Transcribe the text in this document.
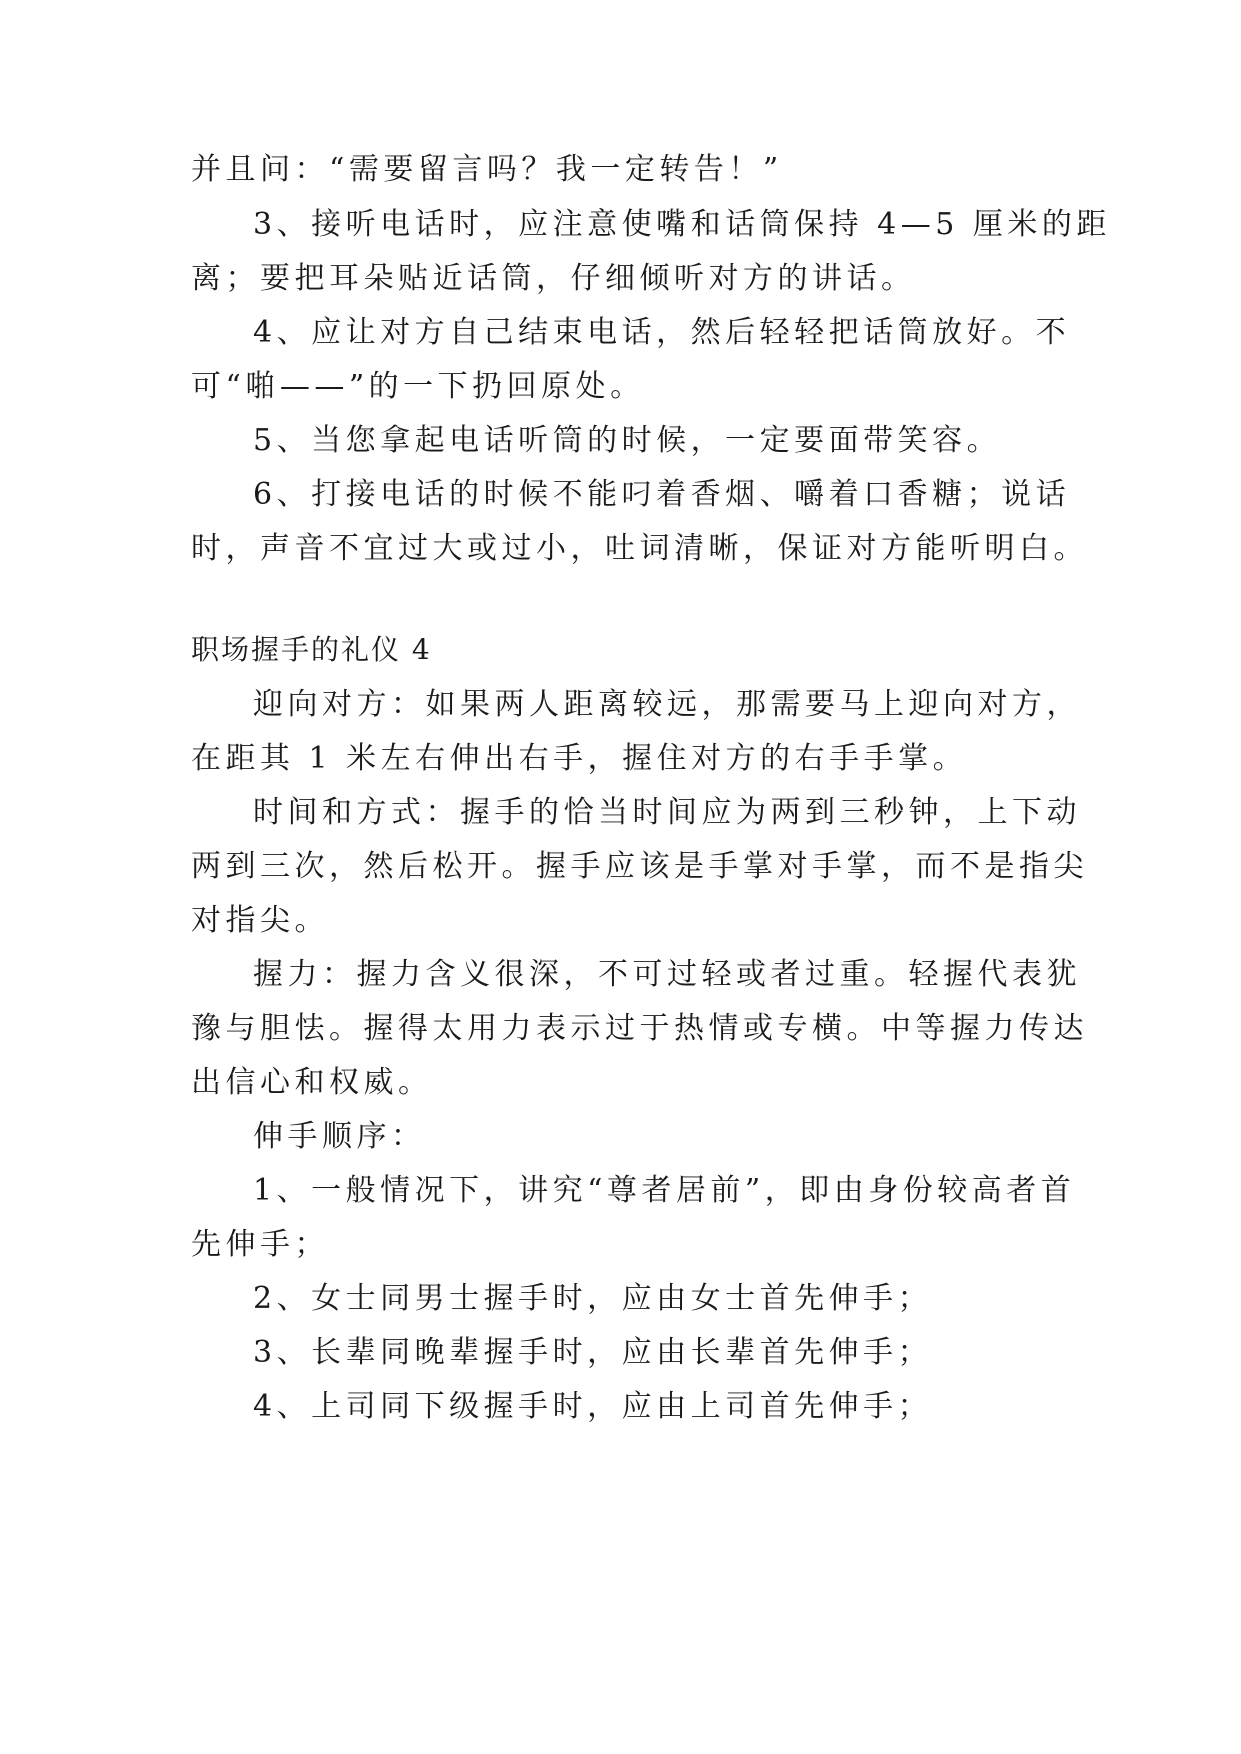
并且问：“需要留言吗？我一定转告！”

3、接听电话时，应注意使嘴和话筒保持 4—5 厘米的距

离；要把耳朵贴近话筒，仔细倾听对方的讲话。

4、应让对方自己结束电话，然后轻轻把话筒放好。不

可“啪——”的一下扔回原处。

5、当您拿起电话听筒的时候，一定要面带笑容。

6、打接电话的时候不能叼着香烟、嚼着口香糖；说话

时，声音不宜过大或过小，吐词清晰，保证对方能听明白。

职场握手的礼仪 4

迎向对方：如果两人距离较远，那需要马上迎向对方，

在距其 1 米左右伸出右手，握住对方的右手手掌。

时间和方式：握手的恰当时间应为两到三秒钟，上下动

两到三次，然后松开。握手应该是手掌对手掌，而不是指尖

对指尖。

握力：握力含义很深，不可过轻或者过重。轻握代表犹

豫与胆怯。握得太用力表示过于热情或专横。中等握力传达

出信心和权威。

伸手顺序：

1、一般情况下，讲究“尊者居前”，即由身份较高者首

先伸手；

2、女士同男士握手时，应由女士首先伸手；

3、长辈同晚辈握手时，应由长辈首先伸手；

4、上司同下级握手时，应由上司首先伸手；
